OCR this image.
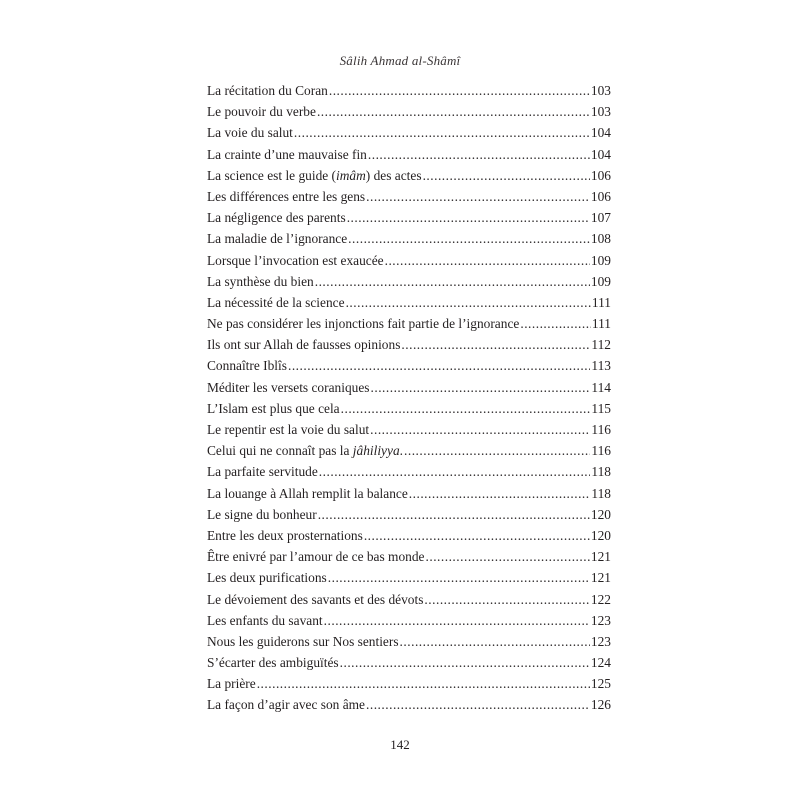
Sâlih Ahmad al-Shâmî
La récitation du Coran .....	103
Le pouvoir du verbe .....	103
La voie du salut .....	104
La crainte d’une mauvaise fin .....	104
La science est le guide (imâm) des actes .....	106
Les différences entre les gens .....	106
La négligence des parents .....	107
La maladie de l’ignorance .....	108
Lorsque l’invocation est exaucée .....	109
La synthèse du bien .....	109
La nécessité de la science .....	111
Ne pas considérer les injonctions fait partie de l’ignorance .....	111
Ils ont sur Allah de fausses opinions .....	112
Connaître Iblîs .....	113
Méditer les versets coraniques .....	114
L’Islam est plus que cela .....	115
Le repentir est la voie du salut .....	116
Celui qui ne connaît pas la jâhiliyya. .....	116
La parfaite servitude .....	118
La louange à Allah remplit la balance .....	118
Le signe du bonheur .....	120
Entre les deux prosternations .....	120
Être enivré par l’amour de ce bas monde .....	121
Les deux purifications .....	121
Le dévoiement des savants et des dévots .....	122
Les enfants du savant .....	123
Nous les guiderons sur Nos sentiers .....	123
S’écarter des ambiguïtés .....	124
La prière .....	125
La façon d’agir avec son âme .....	126
142
